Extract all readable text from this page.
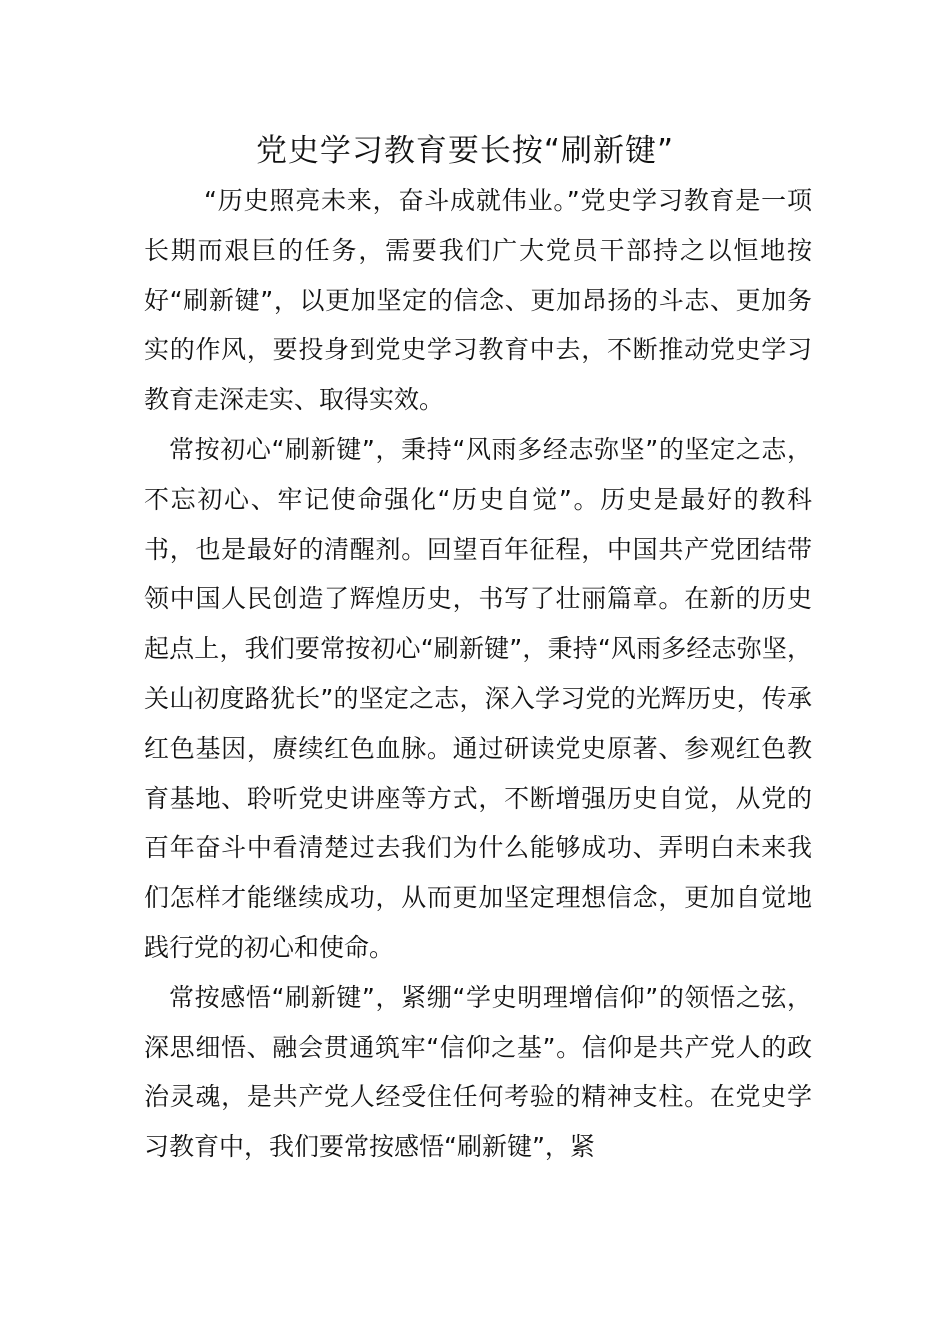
党史学习教育要长按“刷新键”

“历史照亮未来，奋斗成就伟业。”党史学习教育是一项长期而艰巨的任务，需要我们广大党员干部持之以恒地按好“刷新键”，以更加坚定的信念、更加昂扬的斗志、更加务实的作风，要投身到党史学习教育中去，不断推动党史学习教育走深走实、取得实效。

常按初心“刷新键”，秉持“风雨多经志弥坚”的坚定之志，不忘初心、牢记使命强化“历史自觉”。历史是最好的教科书，也是最好的清醒剂。回望百年征程，中国共产党团结带领中国人民创造了辉煌历史，书写了壮丽篇章。在新的历史起点上，我们要常按初心“刷新键”，秉持“风雨多经志弥坚，关山初度路犹长”的坚定之志，深入学习党的光辉历史，传承红色基因，赓续红色血脉。通过研读党史原著、参观红色教育基地、聆听党史讲座等方式，不断增强历史自觉，从党的百年奋斗中看清楚过去我们为什么能够成功、弄明白未来我们怎样才能继续成功，从而更加坚定理想信念，更加自觉地践行党的初心和使命。

常按感悟“刷新键”，紧绷“学史明理增信仰”的领悟之弦，深思细悟、融会贯通筑牢“信仰之基”。信仰是共产党人的政治灵魂，是共产党人经受住任何考验的精神支柱。在党史学习教育中，我们要常按感悟“刷新键”，紧
